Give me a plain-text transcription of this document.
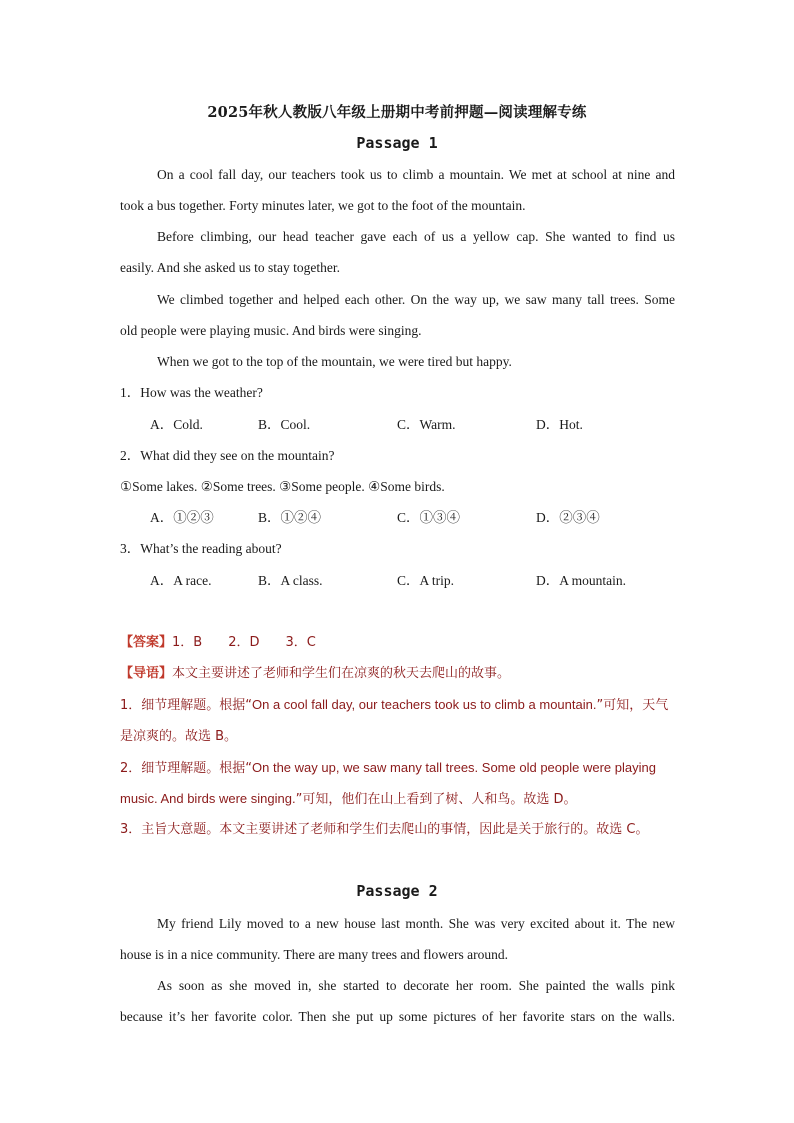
2025年秋人教版八年级上册期中考前押题—阅读理解专练
Passage 1
On a cool fall day, our teachers took us to climb a mountain. We met at school at nine and
took a bus together. Forty minutes later, we got to the foot of the mountain.
Before climbing, our head teacher gave each of us a yellow cap. She wanted to find us
easily. And she asked us to stay together.
We climbed together and helped each other. On the way up, we saw many tall trees. Some
old people were playing music. And birds were singing.
When we got to the top of the mountain, we were tired but happy.
1．How was the weather?
A．Cold.	B．Cool.	C．Warm.	D．Hot.
2．What did they see on the mountain?
①Some lakes. ②Some trees. ③Some people. ④Some birds.
A．①②③	B．①②④	C．①③④	D．②③④
3．What’s the reading about?
A．A race.	B．A class.	C．A trip.	D．A mountain.
【答案】1．B　　2．D　　3．C
【导语】本文主要讲述了老师和学生们在凉爽的秋天去爬山的故事。
1．细节理解题。根据“On a cool fall day, our teachers took us to climb a mountain.”可知，天气
是凉爽的。故选 B。
2．细节理解题。根据“On the way up, we saw many tall trees. Some old people were playing
music. And birds were singing.”可知，他们在山上看到了树、人和鸟。故选 D。
3．主旨大意题。本文主要讲述了老师和学生们去爬山的事情，因此是关于旅行的。故选 C。
Passage 2
My friend Lily moved to a new house last month. She was very excited about it. The new
house is in a nice community. There are many trees and flowers around.
As soon as she moved in, she started to decorate her room. She painted the walls pink
because it’s her favorite color. Then she put up some pictures of her favorite stars on the walls.
